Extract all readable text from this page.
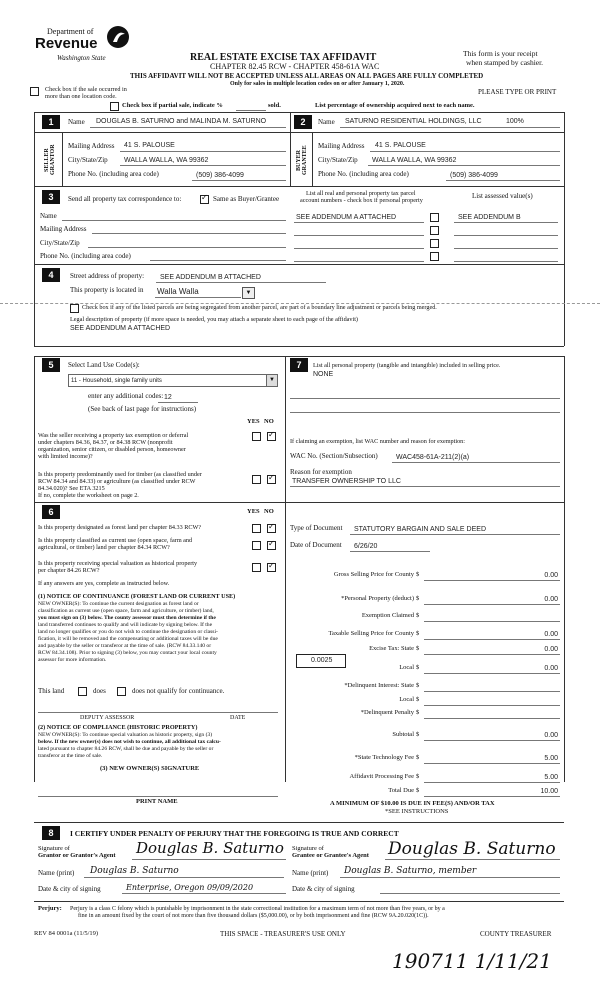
Department of
Revenue
Washington State	REAL ESTATE EXCISE TAX AFFIDAVIT
CHAPTER 82.45 RCW - CHAPTER 458-61A WAC
THIS AFFIDAVIT WILL NOT BE ACCEPTED UNLESS ALL AREAS ON ALL PAGES ARE FULLY COMPLETED
Only for sales in multiple location codes on or after January 1, 2020.
This form is your receipt
when stamped by cashier.
PLEASE TYPE OR PRINT
Check box if the sale occurred in
more than one location code.
Check box if partial sale, indicate %	sold.	List percentage of ownership acquired next to each name.
1	Name DOUGLAS B. SATURNO and MALINDA M. SATURNO
SELLER GRANTOR Mailing Address 41 S. PALOUSE
City/State/Zip WALLA WALLA, WA 99362
Phone No. (including area code)	(509) 386-4099
2	Name SATURNO RESIDENTIAL HOLDINGS, LLC	100%
BUYER GRANTEE Mailing Address 41 S. PALOUSE
City/State/Zip WALLA WALLA, WA 99362
Phone No. (including area code)	(509) 386-4099
3	Send all property tax correspondence to:
✓	Same as Buyer/Grantee
Name
Mailing Address
City/State/Zip
Phone No. (including area code)
List all real and personal property tax parcel
account numbers - check box if personal property
List assessed value(s)
SEE ADDENDUM A ATTACHED	SEE ADDENDUM B
4	Street address of property: SEE ADDENDUM B ATTACHED
This property is located in Walla Walla	▼
Check box if any of the listed parcels are being segregated from another parcel, are part of a boundary line adjustment or parcels being merged.
Legal description of property (if more space is needed, you may attach a separate sheet to each page of the affidavit)
SEE ADDENDUM A ATTACHED
5	Select Land Use Code(s):
11 - Household, single family units	▼
enter any additional codes: 12
(See back of last page for instructions)
YES NO
Was the seller receiving a property tax exemption or deferral
under chapters 84.36, 84.37, or 84.38 RCW (nonprofit
organization, senior citizen, or disabled person, homeowner
with limited income)?
✓
Is this property predominantly used for timber (as classified under
RCW 84.34 and 84.33) or agriculture (as classified under RCW
84.34.020)? See ETA 3215
If no, complete the worksheet on page 2.
✓
7	List all personal property (tangible and intangible) included in selling price.
NONE
If claiming an exemption, list WAC number and reason for exemption:
WAC No. (Section/Subsection)	WAC458-61A-211(2)(a)
Reason for exemption
TRANSFER OWNERSHIP TO LLC
6	YES NO
Is this property designated as forest land per chapter 84.33 RCW?
✓
Is this property classified as current use (open space, farm and
agricultural, or timber) land per chapter 84.34 RCW?
✓
Is this property receiving special valuation as historical property
per chapter 84.26 RCW?
✓
If any answers are yes, complete as instructed below.
(1) NOTICE OF CONTINUANCE (FOREST LAND OR CURRENT USE)
NEW OWNER(S): To continue the current designation as forest land or
classification as current use (open space, farm and agriculture, or timber) land,
you must sign on (3) below. The county assessor must then determine if the
land transferred continues to qualify and will indicate by signing below. If the
land no longer qualifies or you do not wish to continue the designation or classi-
fication, it will be removed and the compensating or additional taxes will be due
and payable by the seller or transferor at the time of sale. (RCW 84.33.140 or
RCW 84.34.108). Prior to signing (3) below, you may contact your local county
assessor for more information.
This land	does	does not qualify for continuance.
DEPUTY ASSESSOR	DATE
(2) NOTICE OF COMPLIANCE (HISTORIC PROPERTY)
NEW OWNER(S): To continue special valuation as historic property, sign (3)
below. If the new owner(s) does not wish to continue, all additional tax calcu-
lated pursuant to chapter 84.26 RCW, shall be due and payable by the seller or
transferor at the time of sale.
(3) NEW OWNER(S) SIGNATURE
PRINT NAME
Type of Document STATUTORY BARGAIN AND SALE DEED
Date of Document 6/26/20
Gross Selling Price for County $	0.00
*Personal Property (deduct) $	0.00
Exemption Claimed $
Taxable Selling Price for County $	0.00
Excise Tax: State $	0.00
Local $	0.00
*Delinquent Interest: State $
Local $
*Delinquent Penalty $
Subtotal $	0.00
*State Technology Fee $	5.00
Affidavit Processing Fee $	5.00
Total Due $	10.00
0.0025
A MINIMUM OF $10.00 IS DUE IN FEE(S) AND/OR TAX
*SEE INSTRUCTIONS
8	I CERTIFY UNDER PENALTY OF PERJURY THAT THE FOREGOING IS TRUE AND CORRECT
Signature of
Grantor or Grantor's Agent Douglas B. Saturno Signature of
Grantee or Grantee's Agent Douglas B. Saturno
Name (print) Douglas B. Saturno	Name (print) Douglas B. Saturno, member
Date & city of signing	Enterprise, Oregon 09/09/2020	Date & city of signing
Perjury: Perjury is a class C felony which is punishable by imprisonment in the state correctional institution for a maximum term of not more than five years, or by a
fine in an amount fixed by the court of not more than five thousand dollars ($5,000.00), or by both imprisonment and fine (RCW 9A.20.020(1C)).
REV 84 0001a (11/5/19)	THIS SPACE - TREASURER'S USE ONLY	COUNTY TREASURER
190711 1/11/21
